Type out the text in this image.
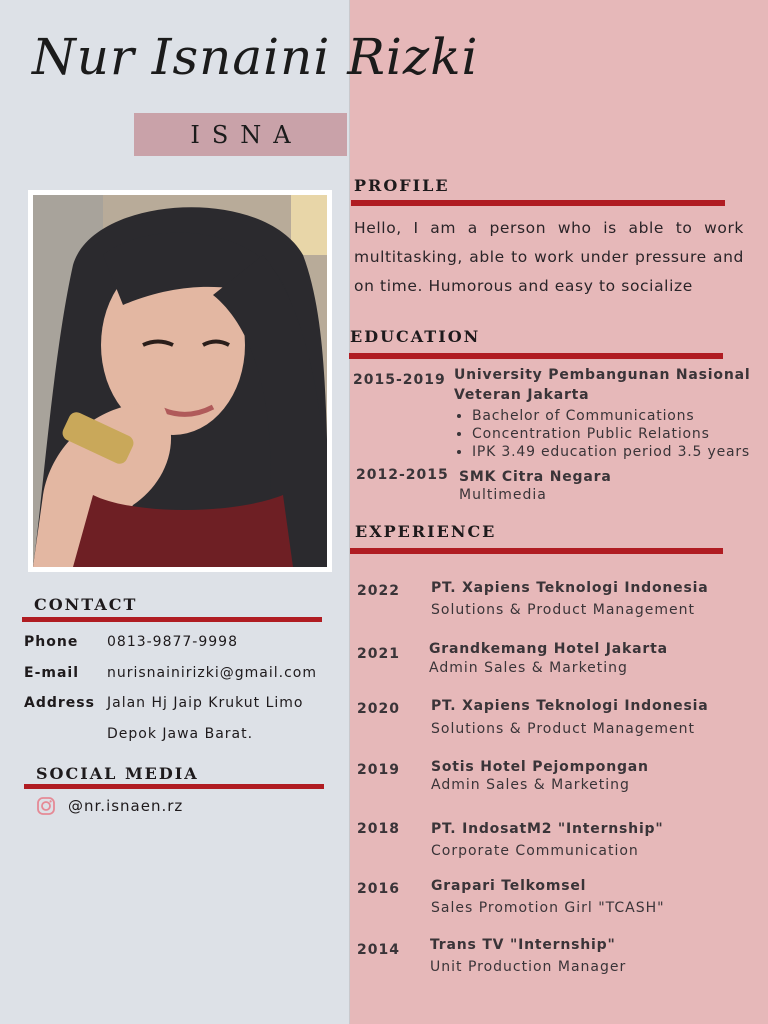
Nur Isnaini Rizki
ISNA
CONTACT
Phone 0813-9877-9998
E-mail nurisnainirizki@gmail.com
Address Jalan Hj Jaip Krukut Limo
Depok Jawa Barat.
SOCIAL MEDIA
@nr.isnaen.rz
PROFILE
Hello, I am a person who is able to work multitasking, able to work under pressure and on time. Humorous and easy to socialize
EDUCATION
2015-2019 University Pembangunan Nasional
Veteran Jakarta
• Bachelor of Communications
• Concentration Public Relations
• IPK 3.49 education period 3.5 years
2012-2015 SMK Citra Negara
Multimedia
EXPERIENCE
2022 PT. Xapiens Teknologi Indonesia
Solutions & Product Management
2021 Grandkemang Hotel Jakarta
Admin Sales & Marketing
2020 PT. Xapiens Teknologi Indonesia
Solutions & Product Management
2019 Sotis Hotel Pejompongan
Admin Sales & Marketing
2018 PT. IndosatM2 "Internship"
Corporate Communication
2016 Grapari Telkomsel
Sales Promotion Girl "TCASH"
2014 Trans TV "Internship"
Unit Production Manager
